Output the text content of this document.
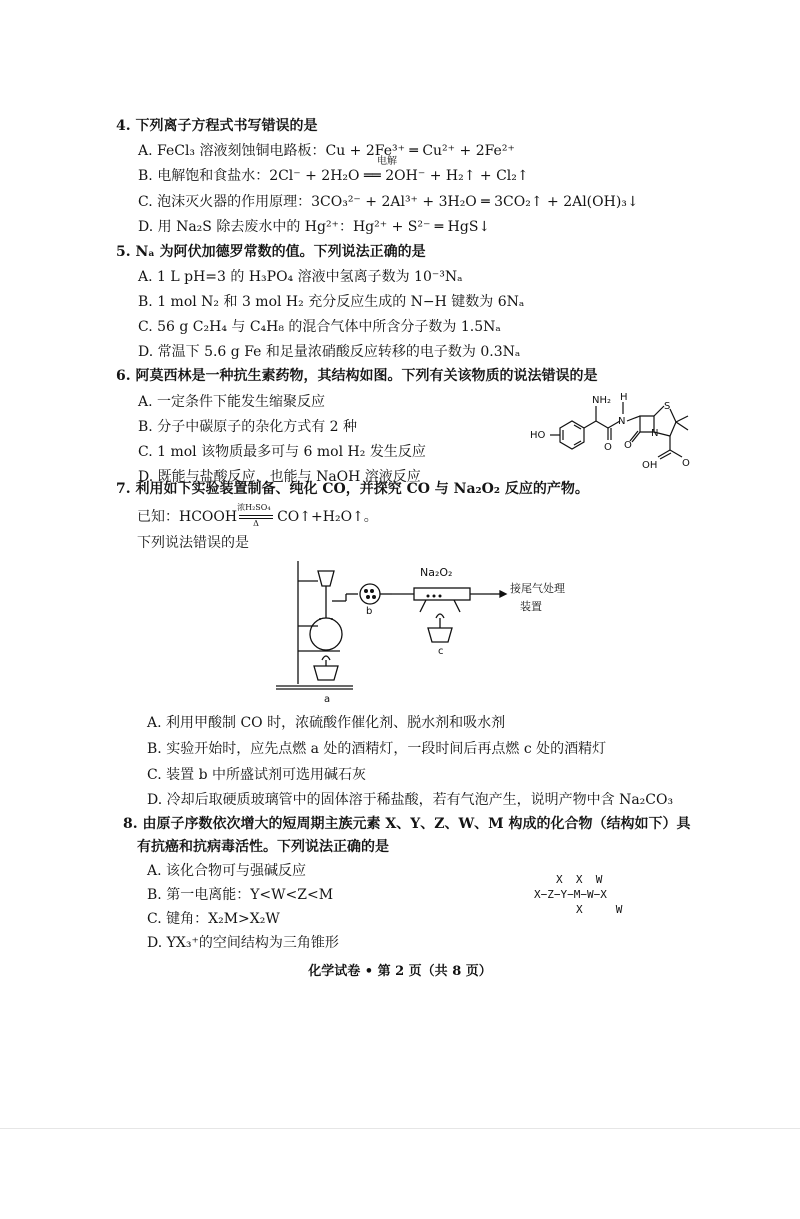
4. 下列离子方程式书写错误的是
A. FeCl₃ 溶液刻蚀铜电路板：Cu + 2Fe³⁺ ═ Cu²⁺ + 2Fe²⁺
B. 电解饱和食盐水：2Cl⁻ + 2H₂O ══ 2OH⁻ + H₂↑ + Cl₂↑
电解
C. 泡沫灭火器的作用原理：3CO₃²⁻ + 2Al³⁺ + 3H₂O ═ 3CO₂↑ + 2Al(OH)₃↓
D. 用 Na₂S 除去废水中的 Hg²⁺：Hg²⁺ + S²⁻ ═ HgS↓
5. Nₐ 为阿伏加德罗常数的值。下列说法正确的是
A. 1 L pH=3 的 H₃PO₄ 溶液中氢离子数为 10⁻³Nₐ
B. 1 mol N₂ 和 3 mol H₂ 充分反应生成的 N−H 键数为 6Nₐ
C. 56 g C₂H₄ 与 C₄H₈ 的混合气体中所含分子数为 1.5Nₐ
D. 常温下 5.6 g Fe 和足量浓硝酸反应转移的电子数为 0.3Nₐ
6. 阿莫西林是一种抗生素药物，其结构如图。下列有关该物质的说法错误的是
A. 一定条件下能发生缩聚反应
B. 分子中碳原子的杂化方式有 2 种
C. 1 mol 该物质最多可与 6 mol H₂ 发生反应
D. 既能与盐酸反应，也能与 NaOH 溶液反应
NH₂ H
N
N
S
O O
O
HO
OH
7. 利用如下实验装置制备、纯化 CO，并探究 CO 与 Na₂O₂ 反应的产物。
已知：HCOOH
浓H₂SO₄
Δ CO↑+H₂O↑。
下列说法错误的是
Na₂O₂
接尾气处理
装置
a
b
c
A. 利用甲酸制 CO 时，浓硫酸作催化剂、脱水剂和吸水剂
B. 实验开始时，应先点燃 a 处的酒精灯，一段时间后再点燃 c 处的酒精灯
C. 装置 b 中所盛试剂可选用碱石灰
D. 冷却后取硬质玻璃管中的固体溶于稀盐酸，若有气泡产生，说明产物中含 Na₂CO₃
8. 由原子序数依次增大的短周期主族元素 X、Y、Z、W、M 构成的化合物（结构如下）具
有抗癌和抗病毒活性。下列说法正确的是
A. 该化合物可与强碱反应
B. 第一电离能：Y<W<Z<M
C. 键角：X₂M>X₂W
D. YX₃⁺的空间结构为三角锥形
X  X  W
X−Z−Y−M−W−X
X     W
化学试卷 • 第 2 页（共 8 页）
